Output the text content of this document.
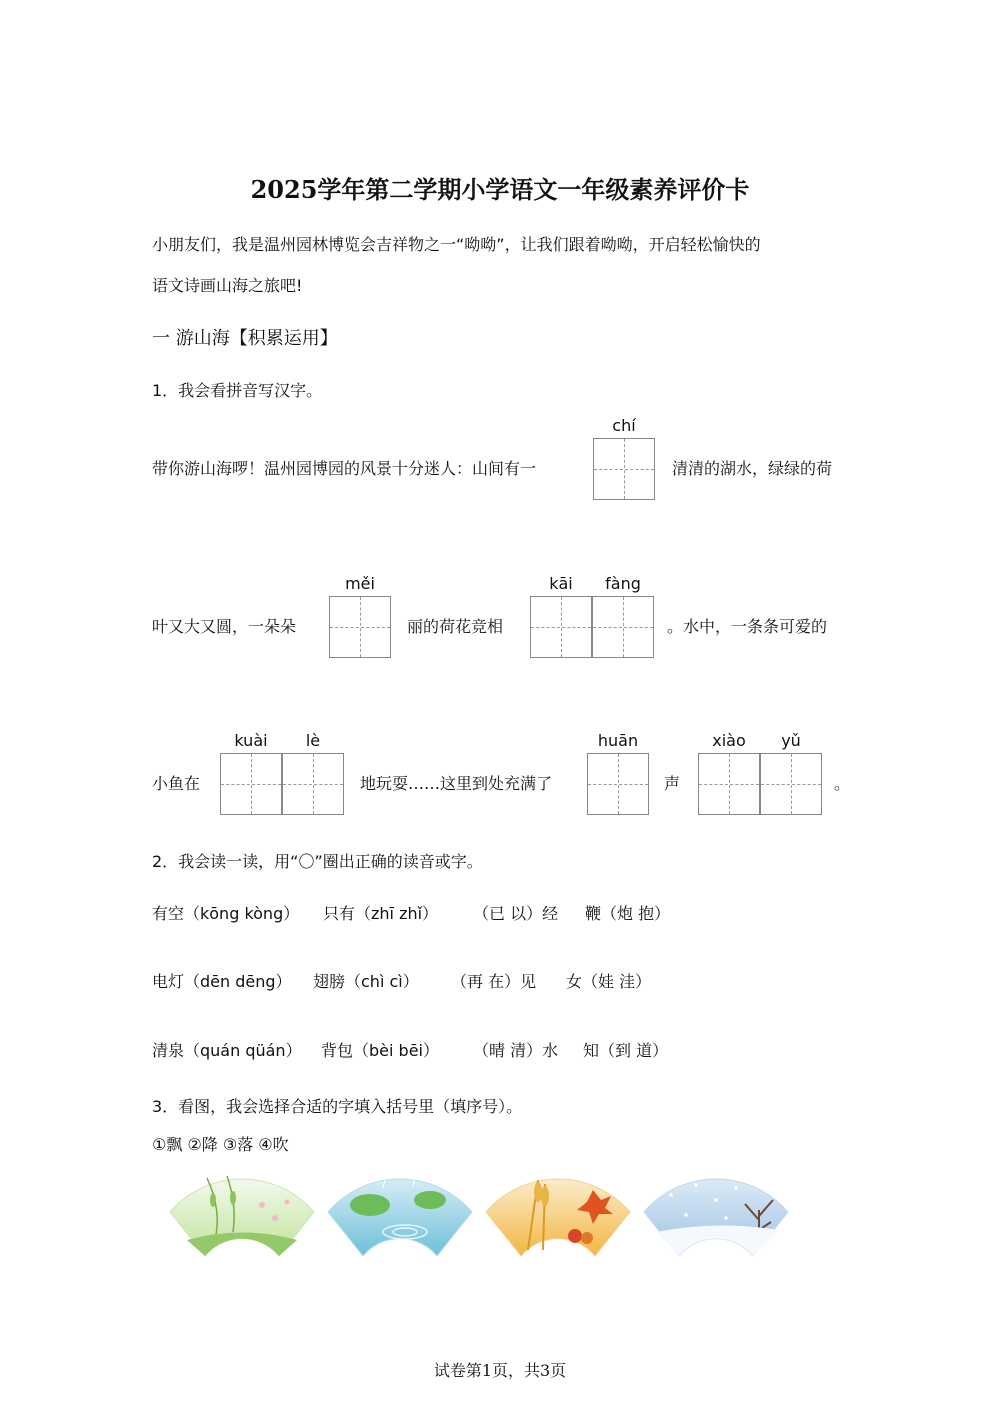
2025学年第二学期小学语文一年级素养评价卡
小朋友们，我是温州园林博览会吉祥物之一“呦呦”，让我们跟着呦呦，开启轻松愉快的
语文诗画山海之旅吧!
一 游山海【积累运用】
1．我会看拼音写汉字。
带你游山海啰！温州园博园的风景十分迷人：山间有一
chí
清清的湖水，绿绿的荷
叶又大又圆，一朵朵
měi
丽的荷花竞相
kāi	fàng
。水中，一条条可爱的
小鱼在
kuài	lè
地玩耍……这里到处充满了
huān
声
xiào	yǔ
。
2．我会读一读，用“〇”圈出正确的读音或字。
有空（kōng kòng） 只有（zhī zhǐ） （已 以）经 鞭（炮 抱）
电灯（dēn dēng） 翅膀（chì cì） （再 在）见 女（娃 洼）
清泉（quán qüán） 背包（bèi bēi） （晴 清）水 知（到 道）
3．看图，我会选择合适的字填入括号里（填序号）。
①飘 ②降 ③落 ④吹
试卷第1页，共3页
